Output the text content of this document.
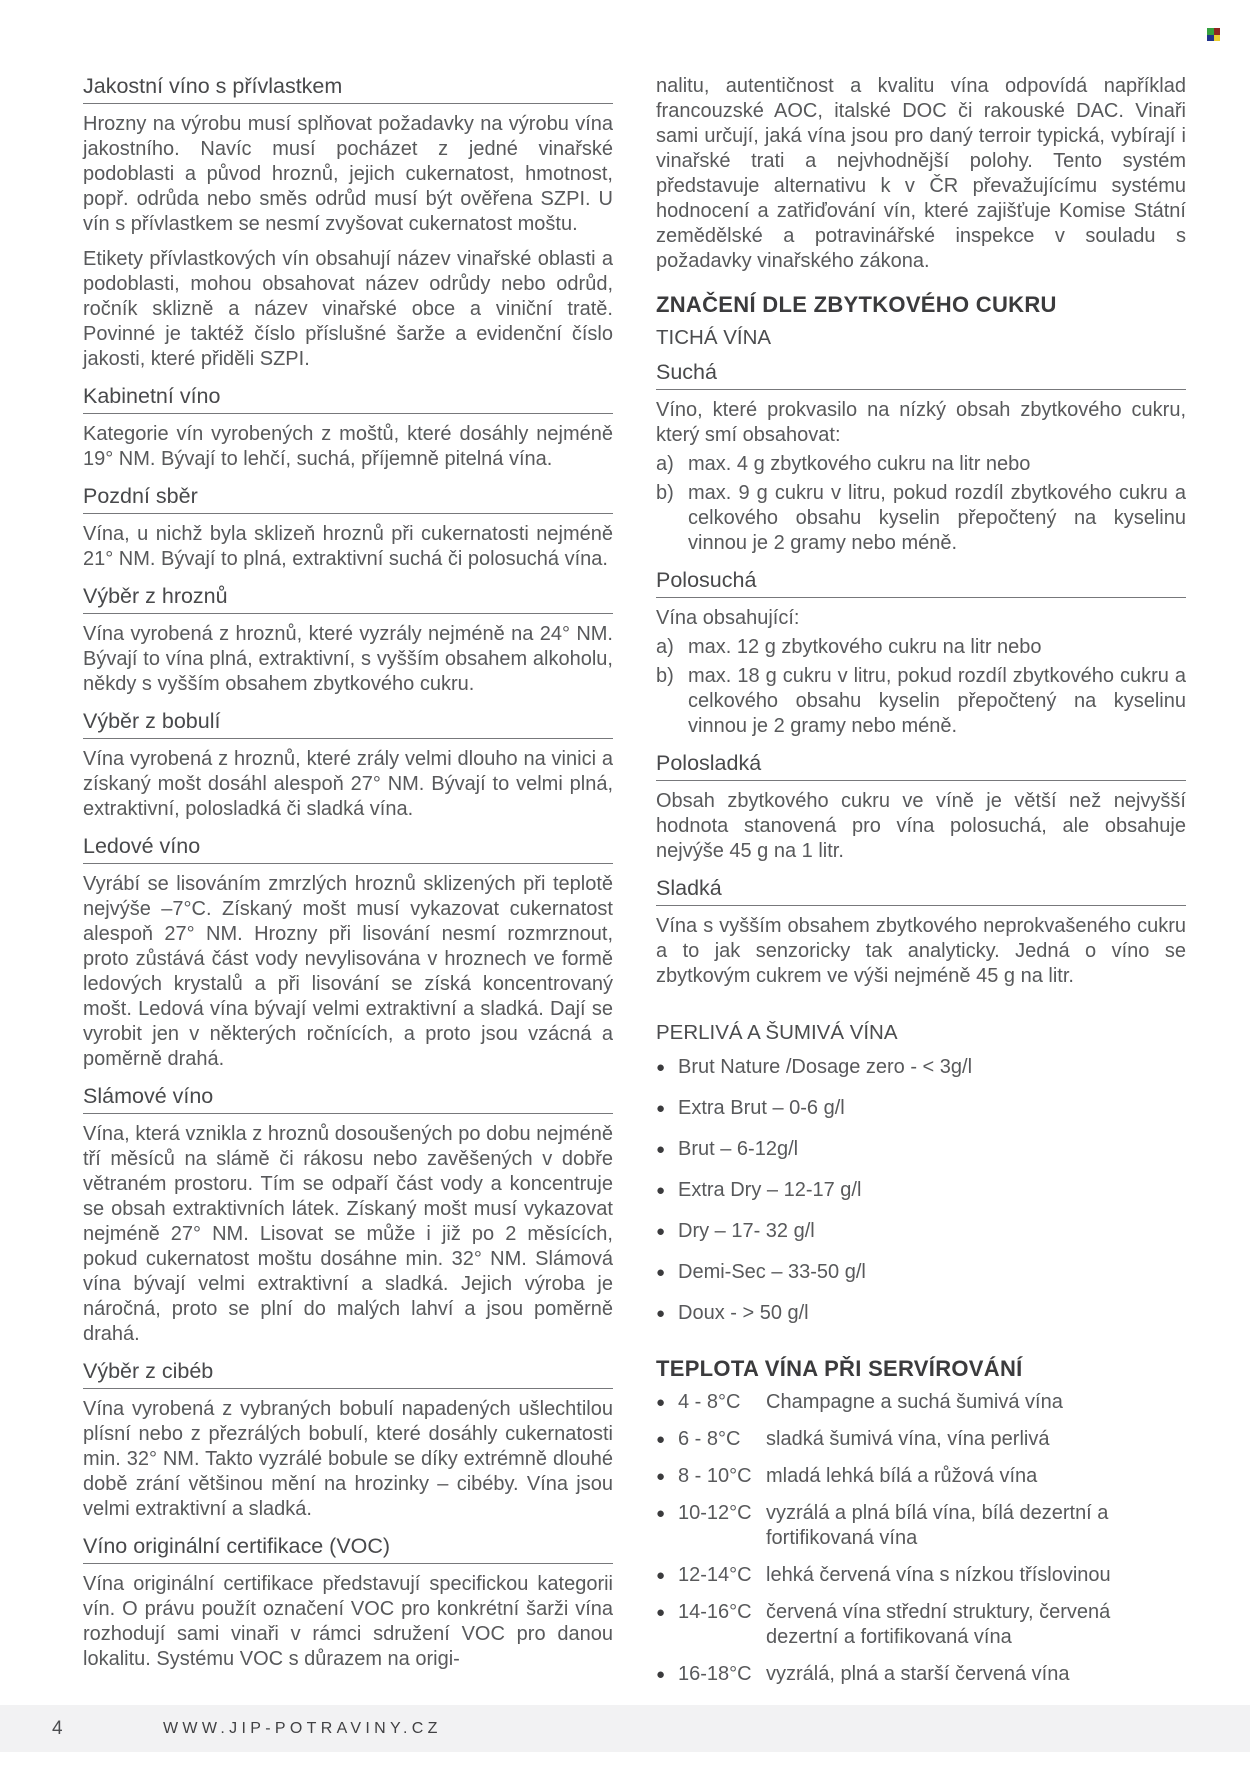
Jakostní víno s přívlastkem

Hrozny na výrobu musí splňovat požadavky na výrobu vína jakostního. Navíc musí pocházet z jedné vinařské podoblasti a původ hroznů, jejich cukernatost, hmotnost, popř. odrůda nebo směs odrůd musí být ověřena SZPI. U vín s přívlastkem se nesmí zvyšovat cukernatost moštu.

Etikety přívlastkových vín obsahují název vinařské oblasti a podoblasti, mohou obsahovat název odrůdy nebo odrůd, ročník sklizně a název vinařské obce a viniční tratě. Povinné je taktéž číslo příslušné šarže a evidenční číslo jakosti, které přiděli SZPI.

Kabinetní víno

Kategorie vín vyrobených z moštů, které dosáhly nejméně 19° NM. Bývají to lehčí, suchá, příjemně pitelná vína.

Pozdní sběr

Vína, u nichž byla sklizeň hroznů při cukernatosti nejméně 21° NM. Bývají to plná, extraktivní suchá či polosuchá vína.

Výběr z hroznů

Vína vyrobená z hroznů, které vyzrály nejméně na 24° NM. Bývají to vína plná, extraktivní, s vyšším obsahem alkoholu, někdy s vyšším obsahem zbytkového cukru.

Výběr z bobulí

Vína vyrobená z hroznů, které zrály velmi dlouho na vinici a získaný mošt dosáhl alespoň 27° NM. Bývají to velmi plná, extraktivní, polosladká či sladká vína.

Ledové víno

Vyrábí se lisováním zmrzlých hroznů sklizených při teplotě nejvýše –7°C. Získaný mošt musí vykazovat cukernatost alespoň 27° NM. Hrozny při lisování nesmí rozmrznout, proto zůstává část vody nevylisována v hroznech ve formě ledových krystalů a při lisování se získá koncentrovaný mošt. Ledová vína bývají velmi extraktivní a sladká. Dají se vyrobit jen v některých ročnících, a proto jsou vzácná a poměrně drahá.

Slámové víno

Vína, která vznikla z hroznů dosoušených po dobu nejméně tří měsíců na slámě či rákosu nebo zavěšených v dobře větraném prostoru. Tím se odpaří část vody a koncentruje se obsah extraktivních látek. Získaný mošt musí vykazovat nejméně 27° NM. Lisovat se může i již po 2 měsících, pokud cukernatost moštu dosáhne min. 32° NM. Slámová vína bývají velmi extraktivní a sladká. Jejich výroba je náročná, proto se plní do malých lahví a jsou poměrně drahá.

Výběr z cibéb

Vína vyrobená z vybraných bobulí napadených ušlechtilou plísní nebo z přezrálých bobulí, které dosáhly cukernatosti min. 32° NM. Takto vyzrálé bobule se díky extrémně dlouhé době zrání většinou mění na hrozinky – cibéby. Vína jsou velmi extraktivní a sladká.

Víno originální certifikace (VOC)

Vína originální certifikace představují specifickou kategorii vín. O právu použít označení VOC pro konkrétní šarži vína rozhodují sami vinaři v rámci sdružení VOC pro danou lokalitu. Systému VOC s důrazem na origi-

nalitu, autentičnost a kvalitu vína odpovídá například francouzské AOC, italské DOC či rakouské DAC. Vinaři sami určují, jaká vína jsou pro daný terroir typická, vybírají i vinařské trati a nejvhodnější polohy. Tento systém představuje alternativu k v ČR převažujícímu systému hodnocení a zatřiďování vín, které zajišťuje Komise Státní zemědělské a potravinářské inspekce v souladu s požadavky vinařského zákona.

ZNAČENÍ DLE ZBYTKOVÉHO CUKRU
TICHÁ VÍNA
Suchá

Víno, které prokvasilo na nízký obsah zbytkového cukru, který smí obsahovat:

a) max. 4 g zbytkového cukru na litr nebo
b) max. 9 g cukru v litru, pokud rozdíl zbytkového cukru a celkového obsahu kyselin přepočtený na kyselinu vinnou je 2 gramy nebo méně.
Polosuchá

Vína obsahující:

a) max. 12 g zbytkového cukru na litr nebo
b) max. 18 g cukru v litru, pokud rozdíl zbytkového cukru a celkového obsahu kyselin přepočtený na kyselinu vinnou je 2 gramy nebo méně.
Polosladká

Obsah zbytkového cukru ve víně je větší než nejvyšší hodnota stanovená pro vína polosuchá, ale obsahuje nejvýše 45 g na 1 litr.

Sladká

Vína s vyšším obsahem zbytkového neprokvašeného cukru a to jak senzoricky tak analyticky. Jedná o víno se zbytkovým cukrem ve výši nejméně 45 g na litr.

PERLIVÁ A ŠUMIVÁ VÍNA
● Brut Nature /Dosage zero - < 3g/l
● Extra Brut – 0-6 g/l
● Brut – 6-12g/l
● Extra Dry – 12-17 g/l
● Dry – 17- 32 g/l
● Demi-Sec – 33-50 g/l
● Doux - > 50 g/l
TEPLOTA VÍNA PŘI SERVÍROVÁNÍ
● 4 - 8°C	Champagne a suchá šumivá vína
● 6 - 8°C	sladká šumivá vína, vína perlivá
● 8 - 10°C mladá lehká bílá a růžová vína
● 10-12°C vyzrálá a plná bílá vína, bílá dezertní a fortifikovaná vína
● 12-14°C lehká červená vína s nízkou tříslovinou
● 14-16°C červená vína střední struktury, červená dezertní a fortifikovaná vína
● 16-18°C vyzrálá, plná a starší červená vína
4	WWW.JIP-POTRAVINY.CZ
